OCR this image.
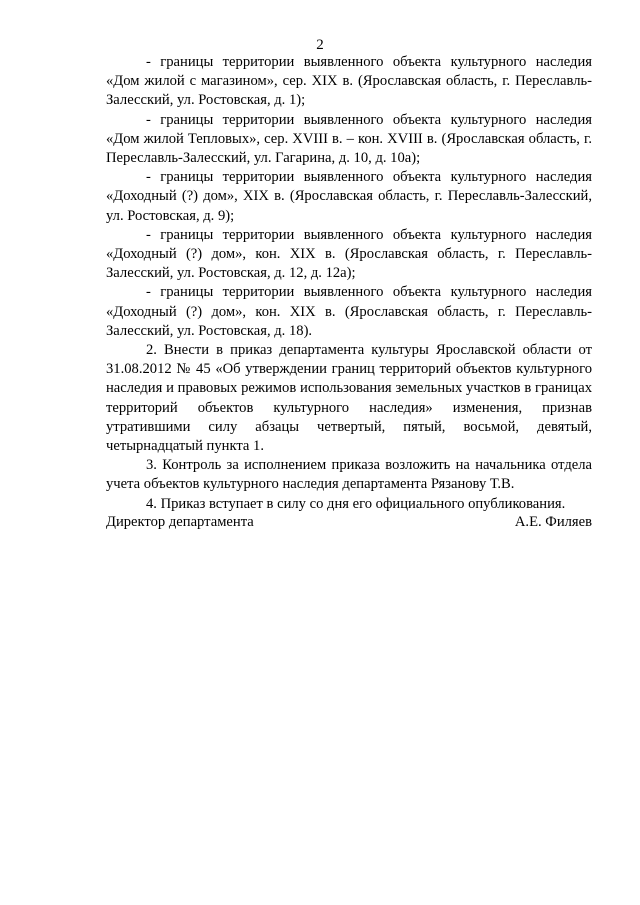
2

- границы территории выявленного объекта культурного наследия «Дом жилой с магазином», сер. XIX в. (Ярославская область, г. Переславль-Залесский, ул. Ростовская, д. 1);

- границы территории выявленного объекта культурного наследия «Дом жилой Тепловых», сер. XVIII в. – кон. XVIII в. (Ярославская область, г. Переславль-Залесский, ул. Гагарина, д. 10, д. 10а);

- границы территории выявленного объекта культурного наследия «Доходный (?) дом», XIX в. (Ярославская область, г. Переславль-Залесский, ул. Ростовская, д. 9);

- границы территории выявленного объекта культурного наследия «Доходный (?) дом», кон. XIX в. (Ярославская область, г. Переславль-Залесский, ул. Ростовская, д. 12, д. 12а);

- границы территории выявленного объекта культурного наследия «Доходный (?) дом», кон. XIX в. (Ярославская область, г. Переславль-Залесский, ул. Ростовская, д. 18).

2. Внести в приказ департамента культуры Ярославской области от 31.08.2012 № 45 «Об утверждении границ территорий объектов культурного наследия и правовых режимов использования земельных участков в границах территорий объектов культурного наследия» изменения, признав утратившими силу абзацы четвертый, пятый, восьмой, девятый, четырнадцатый пункта 1.

3. Контроль за исполнением приказа возложить на начальника отдела учета объектов культурного наследия департамента Рязанову Т.В.

4. Приказ вступает в силу со дня его официального опубликования.

Директор департамента	А.Е. Филяев
